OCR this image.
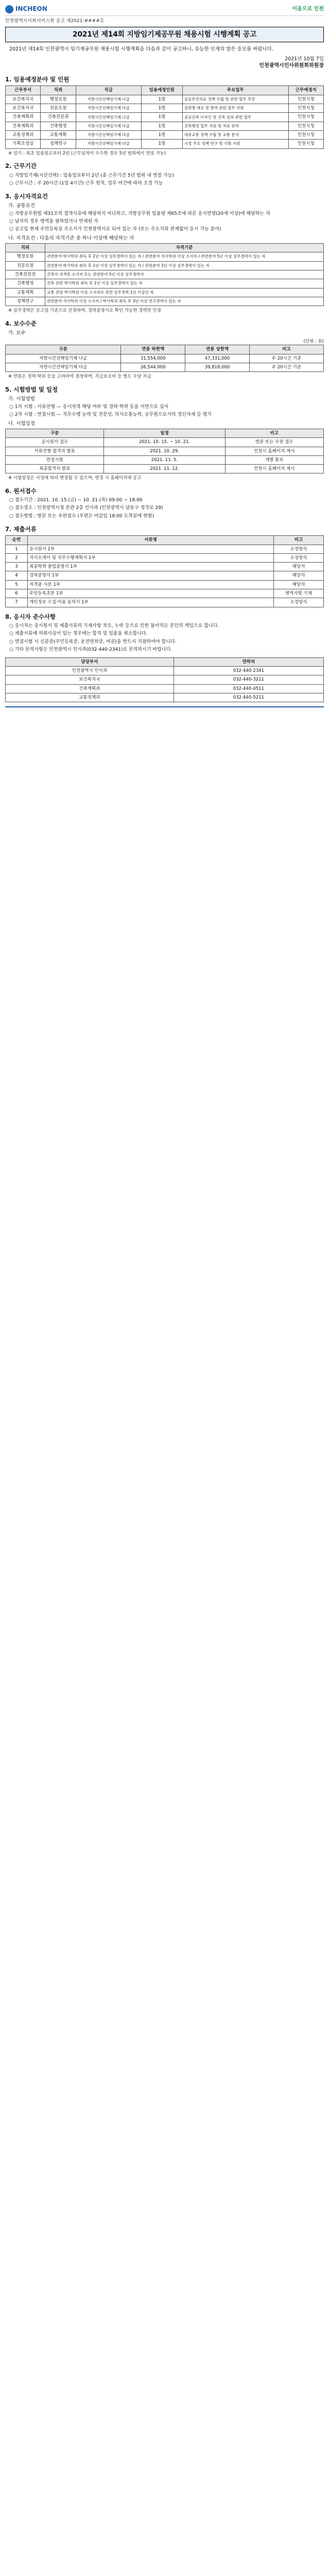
INCHEON	이음으로 인천
인천광역시사회서비스원 공고 제2021-####호
2021년 제14회 지방임기제공무원 채용시험 시행계획 공고
2021년 제14회 인천광역시 임기제공무원 채용시험 시행계획을 다음과 같이 공고하니, 유능한 인재의 많은 응모를 바랍니다.
2021년 10월 7일
인천광역시인사위원회위원장
1. 임용예정분야 및 인원
근무부서	직위	직급	임용예정인원	주요업무	근무예정지
보건복지국	행정요원	지방시간선택임기제 나급	1명	공공보건의료 정책 수립 및 관련 업무 추진	인천시청
보건복지국	전문요원	지방시간선택임기제 다급	1명	감염병 대응 및 방역 관련 업무 지원	인천시청
건축계획과	건축전문관	지방시간선택임기제 나급	1명	공공건축 디자인 및 건축 심의 관련 업무	인천시청
건축계획과	건축행정	지방시간선택임기제 다급	1명	건축행정 업무 지원 및 자료 관리	인천시청
교통정책과	교통계획	지방시간선택임기제 다급	1명	대중교통 정책 수립 및 교통 분석	인천시청
기획조정실	정책연구	지방시간선택임기제 다급	1명	시정 주요 정책 연구 및 기획 지원	인천시청
※ 임기 : 최초 임용일로부터 2년 (근무실적이 우수한 경우 5년 범위에서 연장 가능)
2. 근무기간
○ 지방임기제(시간선택) : 임용일로부터 2년 (총 근무기간 5년 범위 내 연장 가능)
○ 근무시간 : 주 20시간 (1일 4시간) 근무 원칙, 업무 여건에 따라 조정 가능
3. 응시자격요건
가. 공통요건
○ 지방공무원법 제31조의 결격사유에 해당하지 아니하고, 지방공무원 임용령 제65조에 따른 응시연령(20세 이상)에 해당하는 자
○ 남자의 경우 병역을 필하였거나 면제된 자
○ 공고일 현재 주민등록상 주소지가 인천광역시로 되어 있는 자 (또는 주소지와 관계없이 응시 가능 분야)
나. 자격요건 : 다음의 자격기준 중 하나 이상에 해당하는 자
직위	자격기준
행정요원	관련분야 학사학위 취득 후 2년 이상 실무경력이 있는 자 / 관련분야 석사학위 이상 소지자 / 관련분야 5년 이상 실무경력이 있는 자
전문요원	관련분야 학사학위 취득 후 1년 이상 실무경력이 있는 자 / 관련분야 3년 이상 실무경력이 있는 자
건축전문관	건축사 자격증 소지자 또는 관련분야 5년 이상 실무경력자
건축행정	건축 관련 학사학위 취득 후 1년 이상 실무경력이 있는 자
교통계획	교통 관련 학사학위 이상 소지자로 관련 실무경력 1년 이상인 자
정책연구	관련분야 석사학위 이상 소지자 / 학사학위 취득 후 3년 이상 연구경력이 있는 자
※ 실무경력은 공고일 기준으로 산정하며, 경력증명서로 확인 가능한 경력만 인정
4. 보수수준
가. 보수
(단위 : 원)
구분	연봉 하한액	연봉 상한액	비고
지방시간선택임기제 나급	31,554,000	47,331,000	주 20시간 기준
지방시간선택임기제 다급	26,544,000	39,816,000	주 20시간 기준
※ 연봉은 경력·학위 등을 고려하여 결정하며, 직급보조비 등 별도 수당 지급
5. 시험방법 및 일정
가. 시험방법
○ 1차 시험 : 서류전형 — 응시자격 해당 여부 및 경력·학력 등을 서면으로 심사
○ 2차 시험 : 면접시험 — 직무수행 능력 및 전문성, 의사소통능력, 공무원으로서의 정신자세 등 평가
나. 시험일정
구분	일정	비고
응시원서 접수	2021. 10. 15. ~ 10. 21.	방문 또는 우편 접수
서류전형 합격자 발표	2021. 10. 29.	인천시 홈페이지 게시
면접시험	2021. 11. 5.	개별 통보
최종합격자 발표	2021. 11. 12.	인천시 홈페이지 게시
※ 시험일정은 사정에 따라 변경될 수 있으며, 변경 시 홈페이지에 공고
6. 원서접수
○ 접수기간 : 2021. 10. 15.(금) ~ 10. 21.(목) 09:00 ~ 18:00
○ 접수장소 : 인천광역시청 본관 2층 인사과 (인천광역시 남동구 정각로 29)
○ 접수방법 : 방문 또는 우편접수 (우편은 마감일 18:00 도착분에 한함)
7. 제출서류
순번	서류명	비고
1	응시원서 1부	소정양식
2	자기소개서 및 직무수행계획서 1부	소정양식
3	최종학력 졸업증명서 1부	해당자
4	경력증명서 1부	해당자
5	자격증 사본 1부	해당자
6	주민등록초본 1부	병역사항 기재
7	개인정보 수집·이용 동의서 1부	소정양식
8. 응시자 준수사항
○ 응시자는 응시원서 및 제출서류의 기재사항 착오, 누락 등으로 인한 불이익은 본인의 책임으로 합니다.
○ 제출서류에 허위사실이 있는 경우에는 합격 및 임용을 취소합니다.
○ 면접시험 시 신분증(주민등록증, 운전면허증, 여권)을 반드시 지참하여야 합니다.
○ 기타 문의사항은 인천광역시 인사과(032-440-2341)로 문의하시기 바랍니다.
담당부서	연락처
인천광역시 인사과	032-440-2341
보건복지국	032-440-3211
건축계획과	032-440-4511
교통정책과	032-440-5211
